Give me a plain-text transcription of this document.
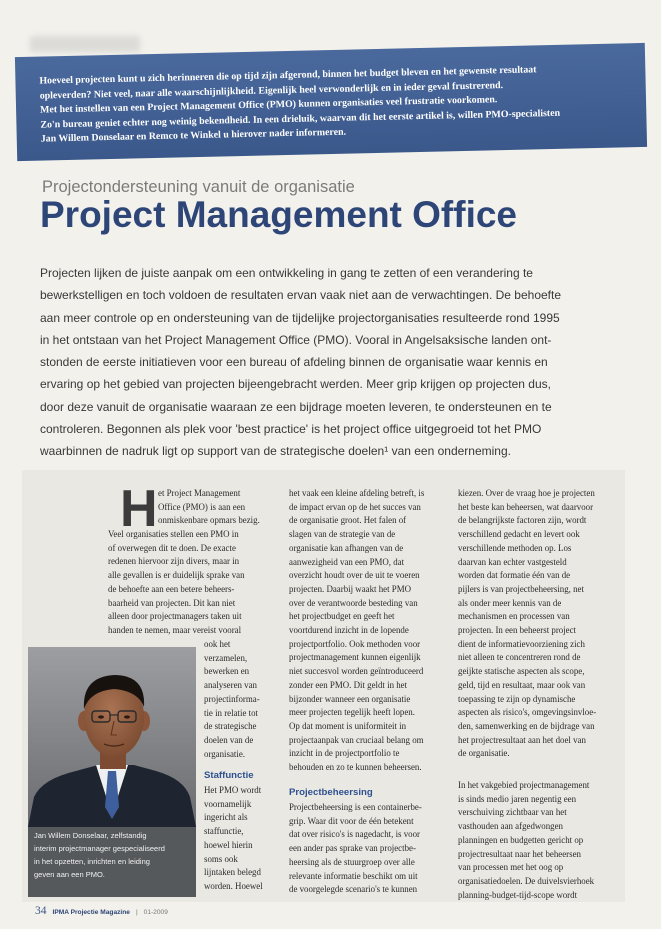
Hoeveel projecten kunt u zich herinneren die op tijd zijn afgerond, binnen het budget bleven en het gewenste resultaat
opleverden? Niet veel, naar alle waarschijnlijkheid. Eigenlijk heel verwonderlijk en in ieder geval frustrerend.
Met het instellen van een Project Management Office (PMO) kunnen organisaties veel frustratie voorkomen.
Zo'n bureau geniet echter nog weinig bekendheid. In een drieluik, waarvan dit het eerste artikel is, willen PMO-specialisten
Jan Willem Donselaar en Remco te Winkel u hierover nader informeren.
Projectondersteuning vanuit de organisatie
Project Management Office
Projecten lijken de juiste aanpak om een ontwikkeling in gang te zetten of een verandering te
bewerkstelligen en toch voldoen de resultaten ervan vaak niet aan de verwachtingen. De behoefte
aan meer controle op en ondersteuning van de tijdelijke projectorganisaties resulteerde rond 1995
in het ontstaan van het Project Management Office (PMO). Vooral in Angelsaksische landen ont-
stonden de eerste initiatieven voor een bureau of afdeling binnen de organisatie waar kennis en
ervaring op het gebied van projecten bijeengebracht werden. Meer grip krijgen op projecten dus,
door deze vanuit de organisatie waaraan ze een bijdrage moeten leveren, te ondersteunen en te
controleren. Begonnen als plek voor 'best practice' is het project office uitgegroeid tot het PMO
waarbinnen de nadruk ligt op support van de strategische doelen¹ van een onderneming.
H et Project Management
Office (PMO) is aan een
onmiskenbare opmars bezig.
Veel organisaties stellen een PMO in
of overwegen dit te doen. De exacte
redenen hiervoor zijn divers, maar in
alle gevallen is er duidelijk sprake van
de behoefte aan een betere beheers-
baarheid van projecten. Dit kan niet
alleen door projectmanagers taken uit
handen te nemen, maar vereist vooral
ook het
verzamelen,
bewerken en
analyseren van
projectinforma-
tie in relatie tot
de strategische
doelen van de
organisatie.
Staffunctie
Het PMO wordt
voornamelijk
ingericht als
staffunctie,
hoewel hierin
soms ook
lijntaken belegd
worden. Hoewel
Jan Willem Donselaar, zelfstandig
interim projectmanager gespecialiseerd
in het opzetten, inrichten en leiding
geven aan een PMO.
het vaak een kleine afdeling betreft, is
de impact ervan op de het succes van
de organisatie groot. Het falen of
slagen van de strategie van de
organisatie kan afhangen van de
aanwezigheid van een PMO, dat
overzicht houdt over de uit te voeren
projecten. Daarbij waakt het PMO
over de verantwoorde besteding van
het projectbudget en geeft het
voortdurend inzicht in de lopende
projectportfolio. Ook methoden voor
projectmanagement kunnen eigenlijk
niet succesvol worden geïntroduceerd
zonder een PMO. Dit geldt in het
bijzonder wanneer een organisatie
meer projecten tegelijk heeft lopen.
Op dat moment is uniformiteit in
projectaanpak van cruciaal belang om
inzicht in de projectportfolio te
behouden en zo te kunnen beheersen.
Projectbeheersing
Projectbeheersing is een containerbe-
grip. Waar dit voor de één betekent
dat over risico's is nagedacht, is voor
een ander pas sprake van projectbe-
heersing als de stuurgroep over alle
relevante informatie beschikt om uit
de voorgelegde scenario's te kunnen
kiezen. Over de vraag hoe je projecten
het beste kan beheersen, wat daarvoor
de belangrijkste factoren zijn, wordt
verschillend gedacht en levert ook
verschillende methoden op. Los
daarvan kan echter vastgesteld
worden dat formatie één van de
pijlers is van projectbeheersing, net
als onder meer kennis van de
mechanismen en processen van
projecten. In een beheerst project
dient de informatievoorziening zich
niet alleen te concentreren rond de
geijkte statische aspecten als scope,
geld, tijd en resultaat, maar ook van
toepassing te zijn op dynamische
aspecten als risico's, omgevingsinvloe-
den, samenwerking en de bijdrage van
het projectresultaat aan het doel van
de organisatie.
In het vakgebied projectmanagement
is sinds medio jaren negentig een
verschuiving zichtbaar van het
vasthouden aan afgedwongen
planningen en budgetten gericht op
projectresultaat naar het beheersen
van processen met het oog op
organisatiedoelen. De duivelsvierhoek
planning-budget-tijd-scope wordt
34 IPMA Projectie Magazine | 01-2009
